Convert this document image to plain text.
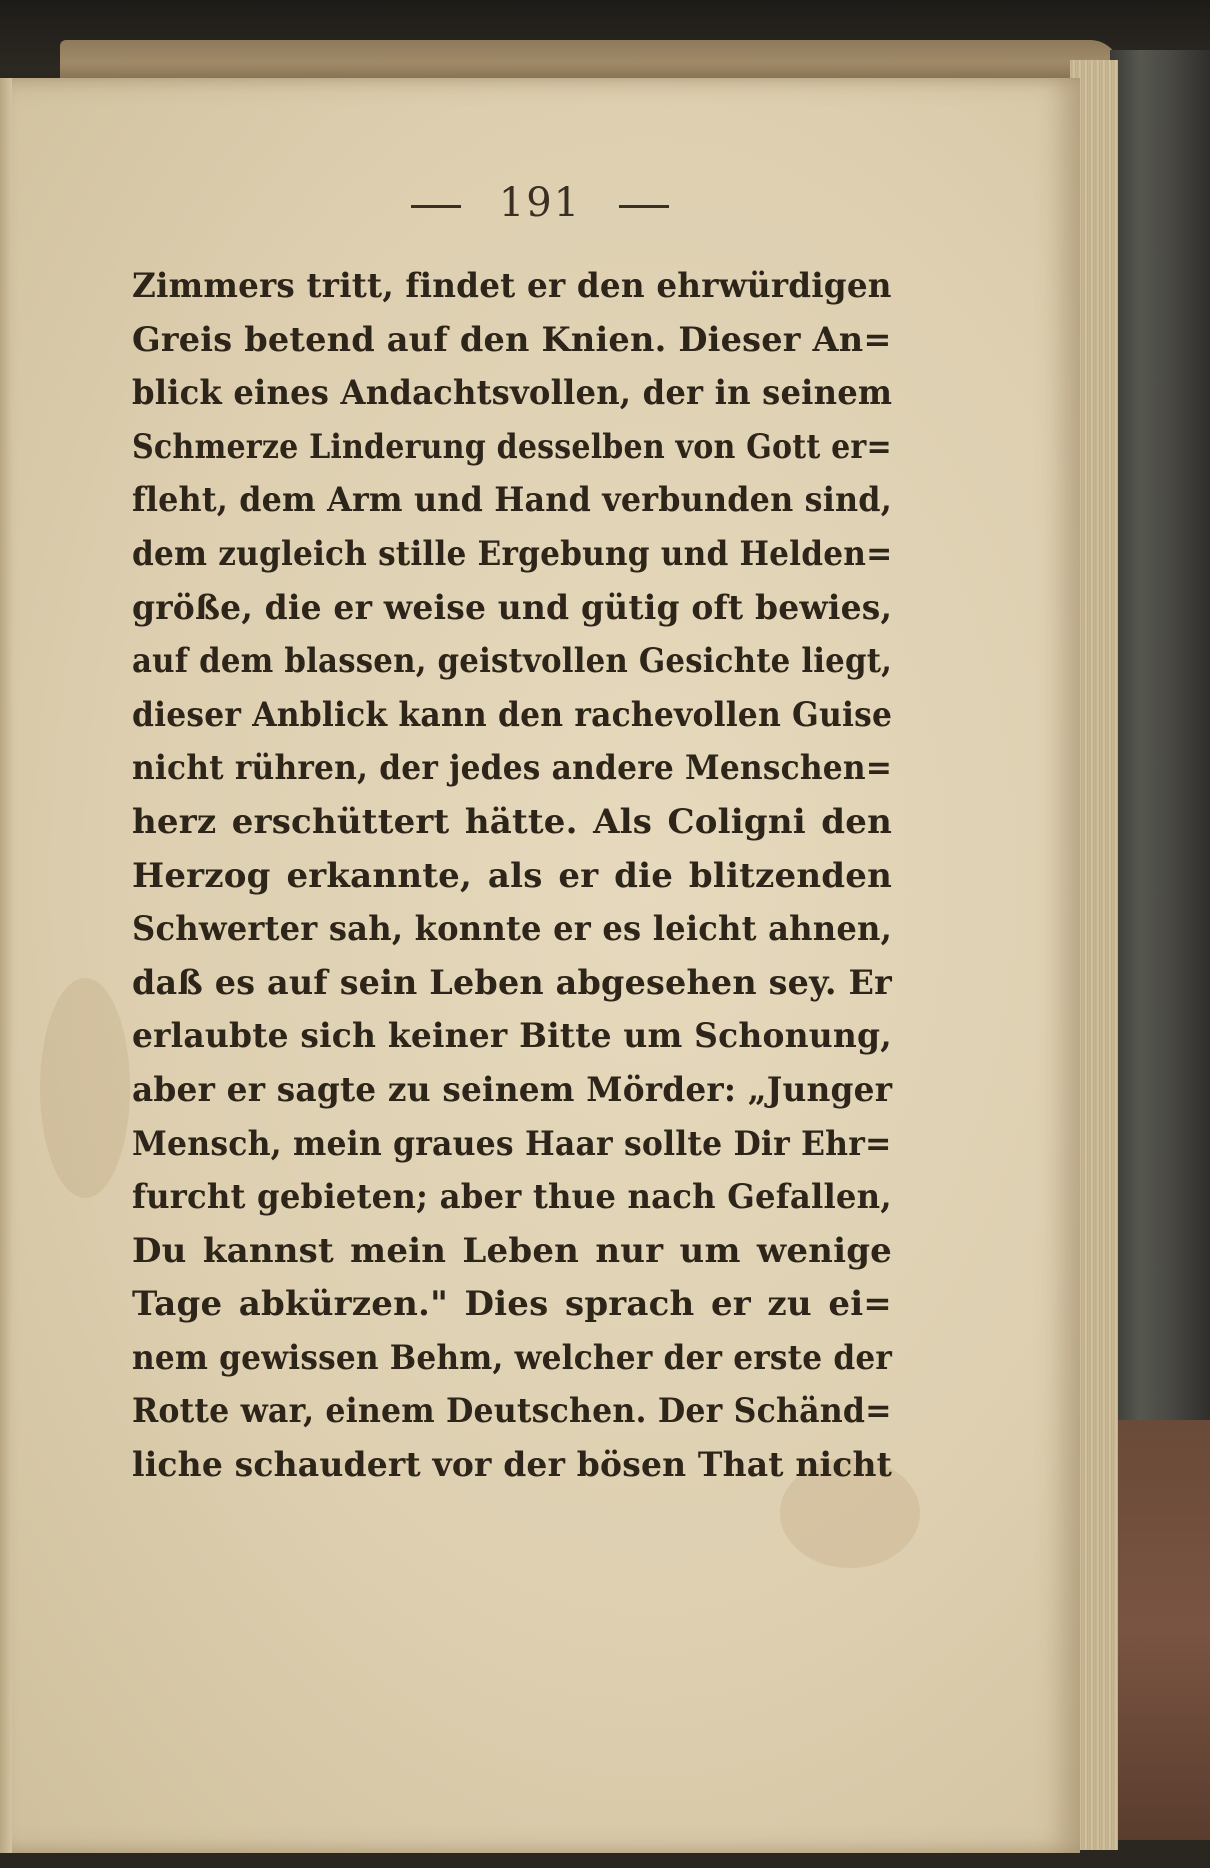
191
Zimmers tritt, findet er den ehrwürdigen
Greis betend auf den Knien. Dieser An=
blick eines Andachtsvollen, der in seinem
Schmerze Linderung desselben von Gott er=
fleht, dem Arm und Hand verbunden sind,
dem zugleich stille Ergebung und Helden=
größe, die er weise und gütig oft bewies,
auf dem blassen, geistvollen Gesichte liegt,
dieser Anblick kann den rachevollen Guise
nicht rühren, der jedes andere Menschen=
herz erschüttert hätte. Als Coligni den
Herzog erkannte, als er die blitzenden
Schwerter sah, konnte er es leicht ahnen,
daß es auf sein Leben abgesehen sey. Er
erlaubte sich keiner Bitte um Schonung,
aber er sagte zu seinem Mörder: „Junger
Mensch, mein graues Haar sollte Dir Ehr=
furcht gebieten; aber thue nach Gefallen,
Du kannst mein Leben nur um wenige
Tage abkürzen." Dies sprach er zu ei=
nem gewissen Behm, welcher der erste der
Rotte war, einem Deutschen. Der Schänd=
liche schaudert vor der bösen That nicht
